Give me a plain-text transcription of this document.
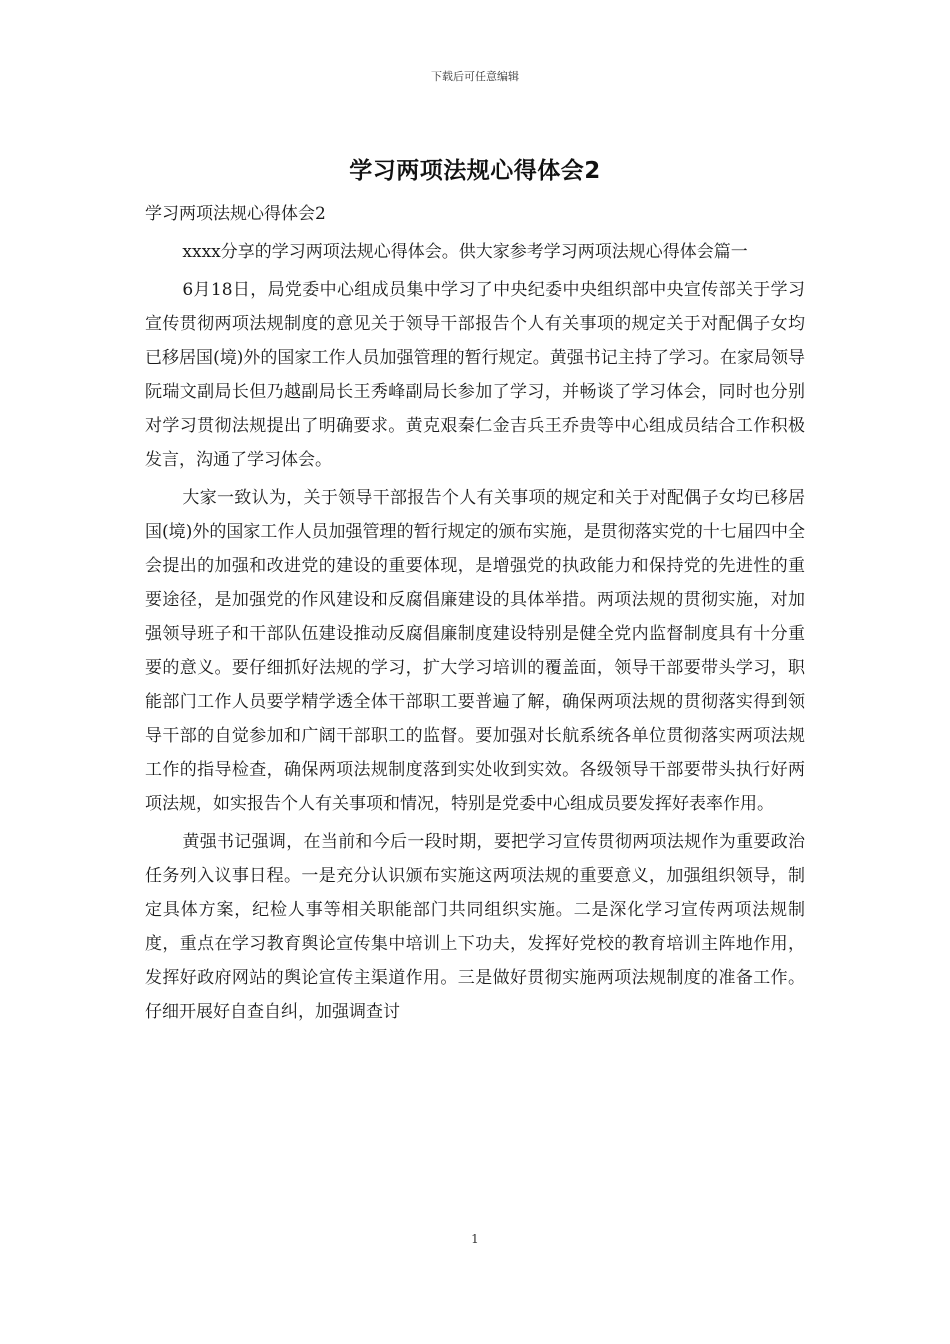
下载后可任意编辑
学习两项法规心得体会2

学习两项法规心得体会2

xxxx分享的学习两项法规心得体会。供大家参考学习两项法规心得体会篇一

6月18日，局党委中心组成员集中学习了中央纪委中央组织部中央宣传部关于学习宣传贯彻两项法规制度的意见关于领导干部报告个人有关事项的规定关于对配偶子女均已移居国(境)外的国家工作人员加强管理的暂行规定。黄强书记主持了学习。在家局领导阮瑞文副局长但乃越副局长王秀峰副局长参加了学习，并畅谈了学习体会，同时也分别对学习贯彻法规提出了明确要求。黄克艰秦仁金吉兵王乔贵等中心组成员结合工作积极发言，沟通了学习体会。

大家一致认为，关于领导干部报告个人有关事项的规定和关于对配偶子女均已移居国(境)外的国家工作人员加强管理的暂行规定的颁布实施，是贯彻落实党的十七届四中全会提出的加强和改进党的建设的重要体现，是增强党的执政能力和保持党的先进性的重要途径，是加强党的作风建设和反腐倡廉建设的具体举措。两项法规的贯彻实施，对加强领导班子和干部队伍建设推动反腐倡廉制度建设特别是健全党内监督制度具有十分重要的意义。要仔细抓好法规的学习，扩大学习培训的覆盖面，领导干部要带头学习，职能部门工作人员要学精学透全体干部职工要普遍了解，确保两项法规的贯彻落实得到领导干部的自觉参加和广阔干部职工的监督。要加强对长航系统各单位贯彻落实两项法规工作的指导检查，确保两项法规制度落到实处收到实效。各级领导干部要带头执行好两项法规，如实报告个人有关事项和情况，特别是党委中心组成员要发挥好表率作用。

黄强书记强调，在当前和今后一段时期，要把学习宣传贯彻两项法规作为重要政治任务列入议事日程。一是充分认识颁布实施这两项法规的重要意义，加强组织领导，制定具体方案，纪检人事等相关职能部门共同组织实施。二是深化学习宣传两项法规制度，重点在学习教育舆论宣传集中培训上下功夫，发挥好党校的教育培训主阵地作用，发挥好政府网站的舆论宣传主渠道作用。三是做好贯彻实施两项法规制度的准备工作。仔细开展好自查自纠，加强调查讨

1
